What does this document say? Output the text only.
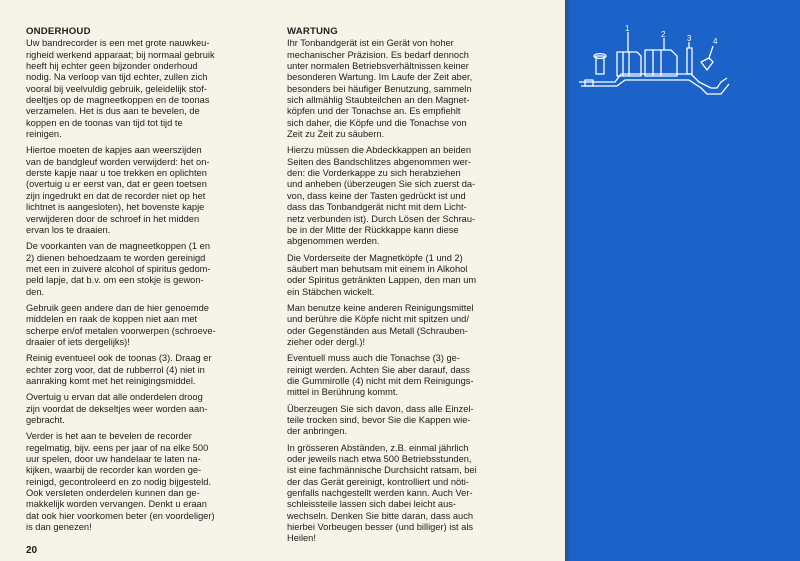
ONDERHOUD

Uw bandrecorder is een met grote nauwkeu-
righeid werkend apparaat; bij normaal gebruik
heeft hij echter geen bijzonder onderhoud
nodig. Na verloop van tijd echter, zullen zich
vooral bij veelvuldig gebruik, geleidelijk stof-
deeltjes op de magneetkoppen en de toonas
verzamelen. Het is dus aan te bevelen, de
koppen en de toonas van tijd tot tijd te
reinigen.

Hiertoe moeten de kapjes aan weerszijden
van de bandgleuf worden verwijderd: het on-
derste kapje naar u toe trekken en oplichten
(overtuig u er eerst van, dat er geen toetsen
zijn ingedrukt en dat de recorder niet op het
lichtnet is aangesloten), het bovenste kapje
verwijderen door de schroef in het midden
ervan los te draaien.

De voorkanten van de magneetkoppen (1 en
2) dienen behoedzaam te worden gereinigd
met een in zuivere alcohol of spiritus gedom-
peld lapje, dat b.v. om een stokje is gewon-
den.

Gebruik geen andere dan de hier genoemde
middelen en raak de koppen niet aan met
scherpe en/of metalen voorwerpen (schroeve-
draaier of iets dergelijks)!

Reinig eventueel ook de toonas (3). Draag er
echter zorg voor, dat de rubberrol (4) niet in
aanraking komt met het reinigingsmiddel.

Overtuig u ervan dat alle onderdelen droog
zijn voordat de dekseltjes weer worden aan-
gebracht.

Verder is het aan te bevelen de recorder
regelmatig, bijv. eens per jaar of na elke 500
uur spelen, door uw handelaar te laten na-
kijken, waarbij de recorder kan worden ge-
reinigd, gecontroleerd en zo nodig bijgesteld.
Ook versleten onderdelen kunnen dan ge-
makkelijk worden vervangen. Denkt u eraan
dat ook hier voorkomen beter (en voordeliger)
is dan genezen!

WARTUNG

Ihr Tonbandgerät ist ein Gerät von hoher
mechanischer Präzision. Es bedarf dennoch
unter normalen Betriebsverhältnissen keiner
besonderen Wartung. Im Laufe der Zeit aber,
besonders bei häufiger Benutzung, sammeln
sich allmählig Staubteilchen an den Magnet-
köpfen und der Tonachse an. Es empfiehlt
sich daher, die Köpfe und die Tonachse von
Zeit zu Zeit zu säubern.

Hierzu müssen die Abdeckkappen an beiden
Seiten des Bandschlitzes abgenommen wer-
den: die Vorderkappe zu sich herabziehen
und anheben (überzeugen Sie sich zuerst da-
von, dass keine der Tasten gedrückt ist und
dass das Tonbandgerät nicht mit dem Licht-
netz verbunden ist). Durch Lösen der Schrau-
be in der Mitte der Rückkappe kann diese
abgenommen werden.

Die Vorderseite der Magnetköpfe (1 und 2)
säubert man behutsam mit einem in Alkohol
oder Spiritus getränkten Lappen, den man um
ein Stäbchen wickelt.

Man benutze keine anderen Reinigungsmittel
und berühre die Köpfe nicht mit spitzen und/
oder Gegenständen aus Metall (Schrauben-
zieher oder dergl.)!

Eventuell muss auch die Tonachse (3) ge-
reinigt werden. Achten Sie aber darauf, dass
die Gummirolle (4) nicht mit dem Reinigungs-
mittel in Berührung kommt.

Überzeugen Sie sich davon, dass alle Einzel-
teile trocken sind, bevor Sie die Kappen wie-
der anbringen.

In grösseren Abständen, z.B. einmal jährlich
oder jeweils nach etwa 500 Betriebsstunden,
ist eine fachmännische Durchsicht ratsam, bei
der das Gerät gereinigt, kontrolliert und nöti-
genfalls nachgestellt werden kann. Auch Ver-
schleissteile lassen sich dabei leicht aus-
wechseln. Denken Sie bitte daran, dass auch
hierbei Vorbeugen besser (und billiger) ist als
Heilen!

20
1
2	3	4
